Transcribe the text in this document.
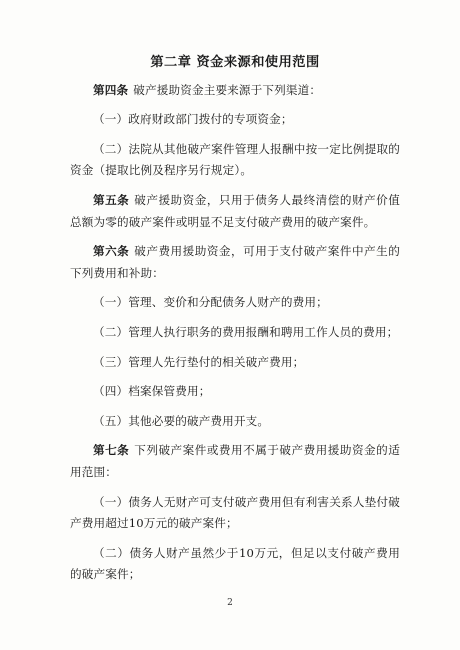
第二章 资金来源和使用范围

第四条 破产援助资金主要来源于下列渠道：

（一）政府财政部门拨付的专项资金；

（二）法院从其他破产案件管理人报酬中按一定比例提取的资金（提取比例及程序另行规定）。

第五条 破产援助资金，只用于债务人最终清偿的财产价值总额为零的破产案件或明显不足支付破产费用的破产案件。

第六条 破产费用援助资金，可用于支付破产案件中产生的下列费用和补助：

（一）管理、变价和分配债务人财产的费用；

（二）管理人执行职务的费用报酬和聘用工作人员的费用；

（三）管理人先行垫付的相关破产费用；

（四）档案保管费用；

（五）其他必要的破产费用开支。

第七条 下列破产案件或费用不属于破产费用援助资金的适用范围：

（一）债务人无财产可支付破产费用但有利害关系人垫付破产费用超过10万元的破产案件；

（二）债务人财产虽然少于10万元，但足以支付破产费用的破产案件；

2
